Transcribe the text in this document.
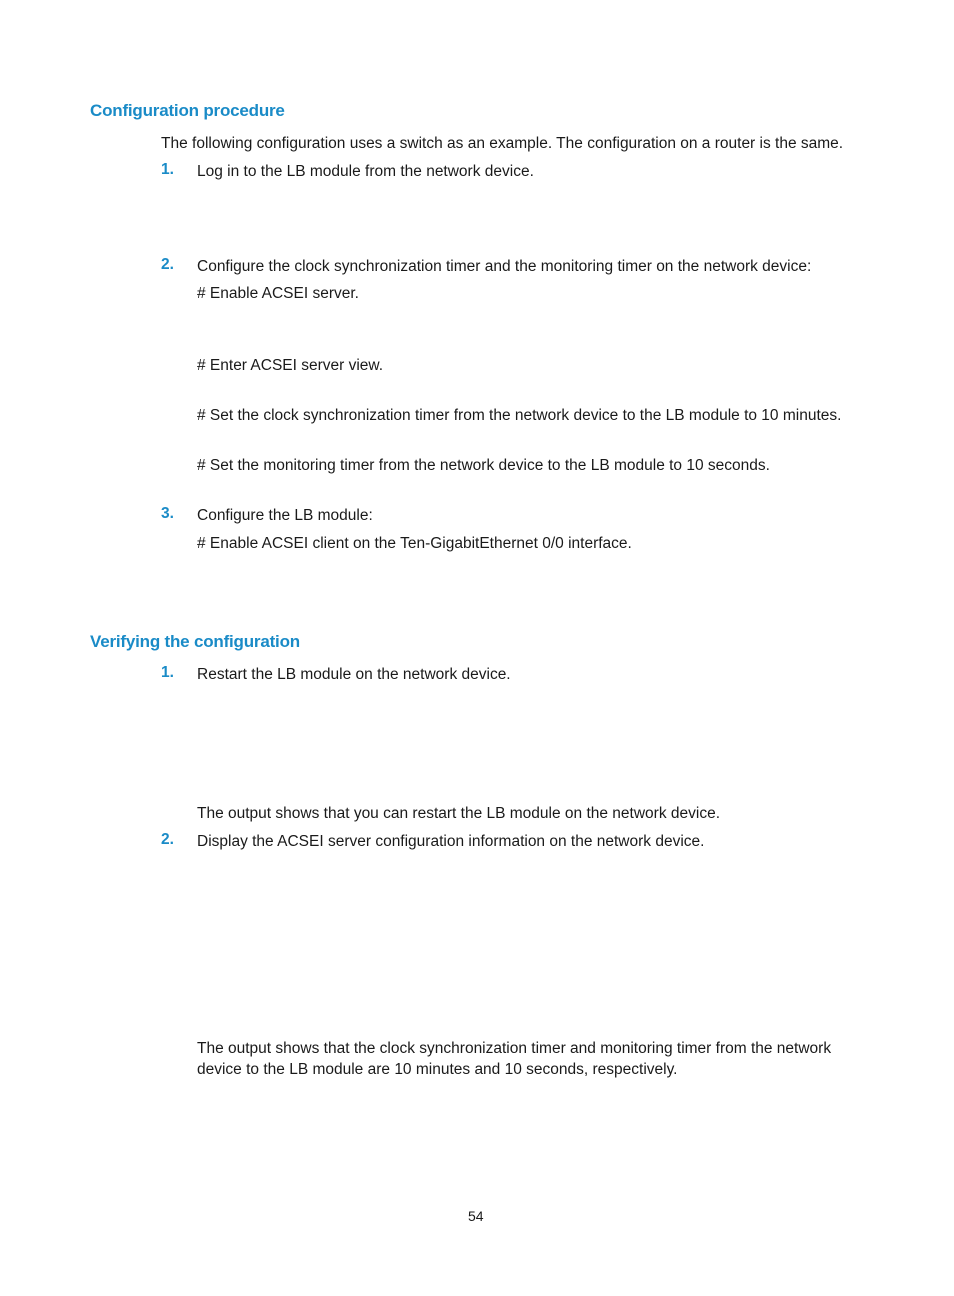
Configuration procedure
The following configuration uses a switch as an example. The configuration on a router is the same.
1. Log in to the LB module from the network device.
2. Configure the clock synchronization timer and the monitoring timer on the network device:
# Enable ACSEI server.
# Enter ACSEI server view.
# Set the clock synchronization timer from the network device to the LB module to 10 minutes.
# Set the monitoring timer from the network device to the LB module to 10 seconds.
3. Configure the LB module:
# Enable ACSEI client on the Ten-GigabitEthernet 0/0 interface.
Verifying the configuration
1. Restart the LB module on the network device.
The output shows that you can restart the LB module on the network device.
2. Display the ACSEI server configuration information on the network device.
The output shows that the clock synchronization timer and monitoring timer from the network
device to the LB module are 10 minutes and 10 seconds, respectively.
54
